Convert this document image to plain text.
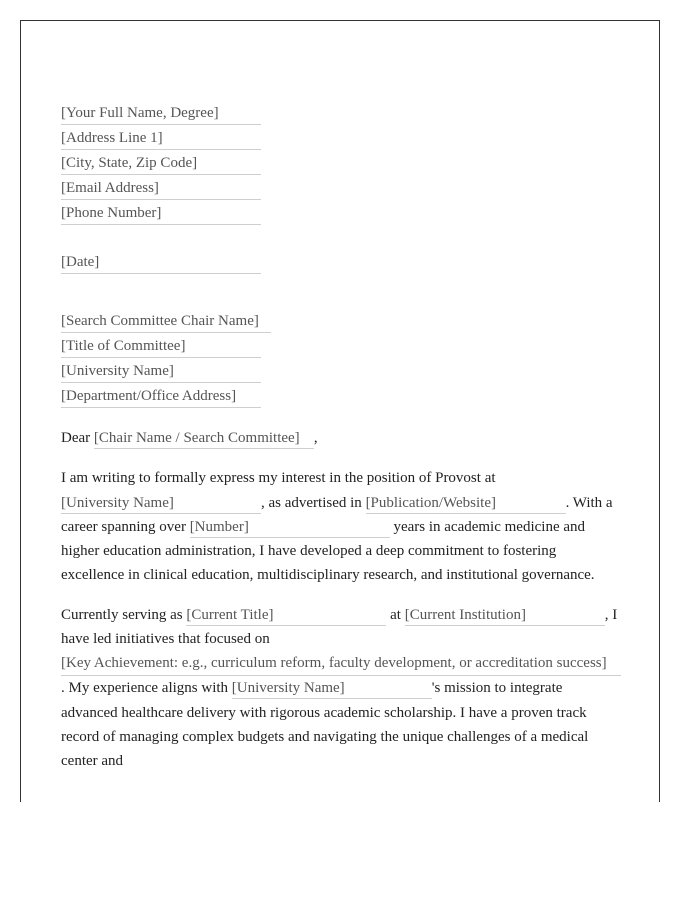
[Your Full Name, Degree]
[Address Line 1]
[City, State, Zip Code]
[Email Address]
[Phone Number]
[Date]
[Search Committee Chair Name]
[Title of Committee]
[University Name]
[Department/Office Address]

Dear [Chair Name / Search Committee] ,

I am writing to formally express my interest in the position of Provost at [University Name]	, as advertised in [Publication/Website]	. With a career spanning over [Number]	years in academic medicine and higher education administration, I have developed a deep commitment to fostering excellence in clinical education, multidisciplinary research, and institutional governance.

Currently serving as [Current Title]	at [Current Institution]	, I have led initiatives that focused on
[Key Achievement: e.g., curriculum reform, faculty development, or accreditation success]
. My experience aligns with [University Name]	's mission to integrate advanced healthcare delivery with rigorous academic scholarship. I have a proven track record of managing complex budgets and navigating the unique challenges of a medical center and
